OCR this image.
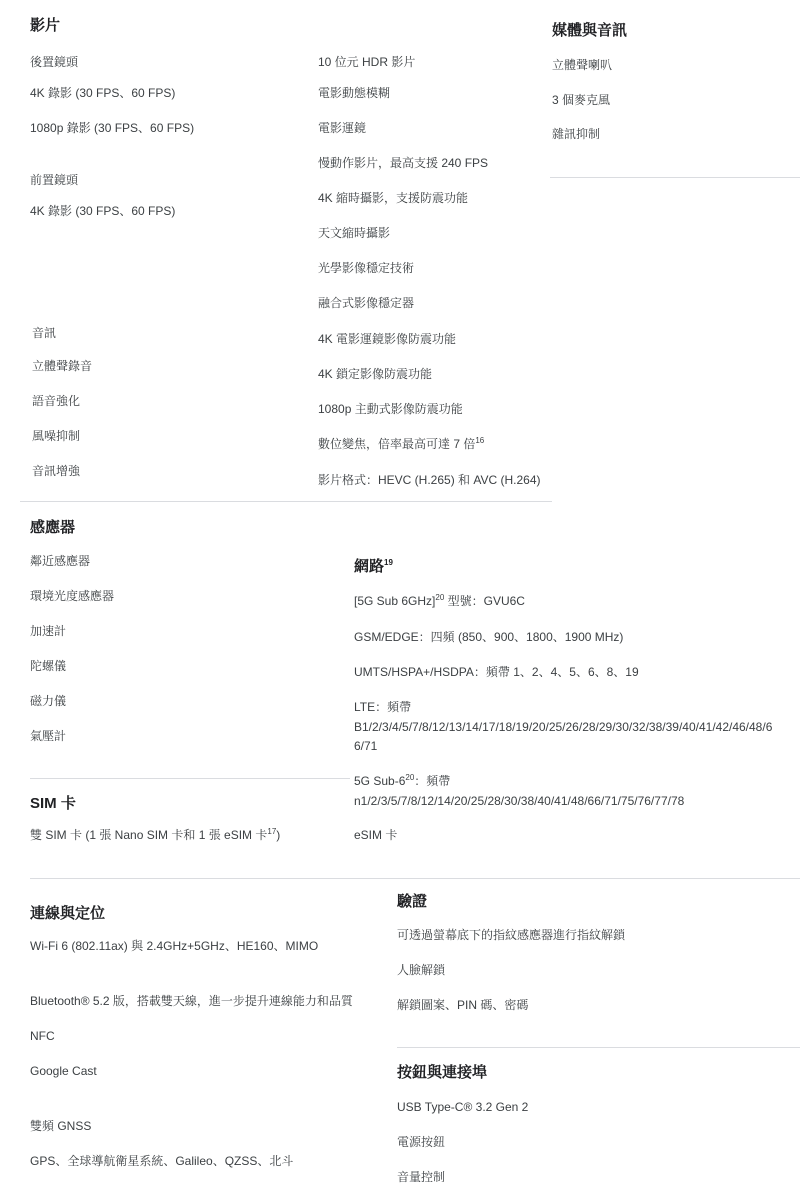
影片
後置鏡頭
4K 錄影 (30 FPS、60 FPS)
1080p 錄影 (30 FPS、60 FPS)
前置鏡頭
4K 錄影 (30 FPS、60 FPS)
10 位元 HDR 影片
電影動態模糊
電影運鏡
慢動作影片，最高支援 240 FPS
4K 縮時攝影，支援防震功能
天文縮時攝影
光學影像穩定技術
融合式影像穩定器
4K 電影運鏡影像防震功能
4K 鎖定影像防震功能
1080p 主動式影像防震功能
數位變焦，倍率最高可達 7 倍$^{16}$
影片格式：HEVC (H.265) 和 AVC (H.264)
音訊
立體聲錄音
語音強化
風噪抑制
音訊增強
媒體與音訊
立體聲喇叭
3 個麥克風
雜訊抑制
感應器
鄰近感應器
環境光度感應器
加速計
陀螺儀
磁力儀
氣壓計
網路$^{19}$
[5G Sub 6GHz]$^{20}$ 型號：GVU6C
GSM/EDGE：四頻 (850、900、1800、1900 MHz)
UMTS/HSPA+/HSDPA：頻帶 1、2、4、5、6、8、19
LTE：頻帶
B1/2/3/4/5/7/8/12/13/14/17/18/19/20/25/26/28/29/30/32/38/39/40/41/42/46/48/66/71
5G Sub-$6^{20}$：頻帶
n1/2/3/5/7/8/12/14/20/25/28/30/38/40/41/48/66/71/75/76/77/78
eSIM 卡
SIM 卡
雙 SIM 卡 (1 張 Nano SIM 卡和 1 張 eSIM 卡$^{17}$)
連線與定位
Wi-Fi 6 (802.11ax) 與 2.4GHz+5GHz、HE160、MIMO
Bluetooth® 5.2 版，搭載雙天線，進一步提升連線能力和品質
NFC
Google Cast
雙頻 GNSS
GPS、全球導航衛星系統、Galileo、QZSS、北斗
驗證
可透過螢幕底下的指紋感應器進行指紋解鎖
人臉解鎖
解鎖圖案、PIN 碼、密碼
按鈕與連接埠
USB Type-C® 3.2 Gen 2
電源按鈕
音量控制
